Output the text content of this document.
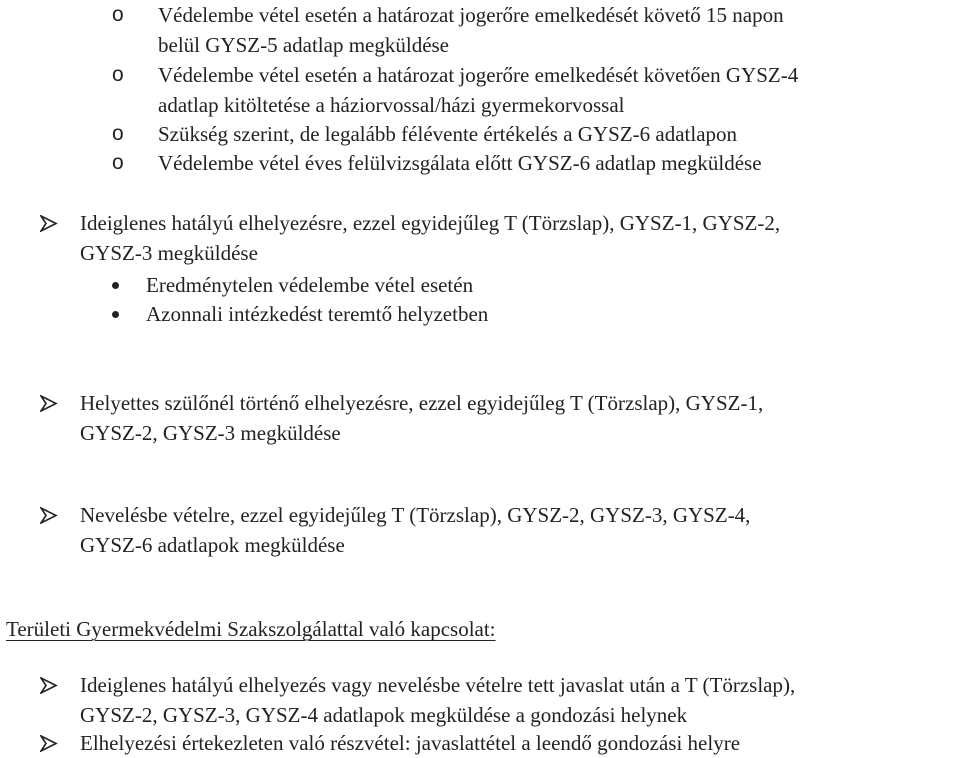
o	Védelembe vétel esetén a határozat jogerőre emelkedését követő 15 napon
belül GYSZ-5 adatlap megküldése
o	Védelembe vétel esetén a határozat jogerőre emelkedését követően GYSZ-4
adatlap kitöltetése a háziorvossal/házi gyermekorvossal
o	Szükség szerint, de legalább félévente értékelés a GYSZ-6 adatlapon
o	Védelembe vétel éves felülvizsgálata előtt GYSZ-6 adatlap megküldése
Ideiglenes hatályú elhelyezésre, ezzel egyidejűleg T (Törzslap), GYSZ-1, GYSZ-2,
GYSZ-3 megküldése
Eredménytelen védelembe vétel esetén
Azonnali intézkedést teremtő helyzetben
Helyettes szülőnél történő elhelyezésre, ezzel egyidejűleg T (Törzslap), GYSZ-1,
GYSZ-2, GYSZ-3 megküldése
Nevelésbe vételre, ezzel egyidejűleg T (Törzslap), GYSZ-2, GYSZ-3, GYSZ-4,
GYSZ-6 adatlapok megküldése
Területi Gyermekvédelmi Szakszolgálattal való kapcsolat:
Ideiglenes hatályú elhelyezés vagy nevelésbe vételre tett javaslat után a T (Törzslap),
GYSZ-2, GYSZ-3, GYSZ-4 adatlapok megküldése a gondozási helynek
Elhelyezési értekezleten való részvétel: javaslattétel a leendő gondozási helyre
